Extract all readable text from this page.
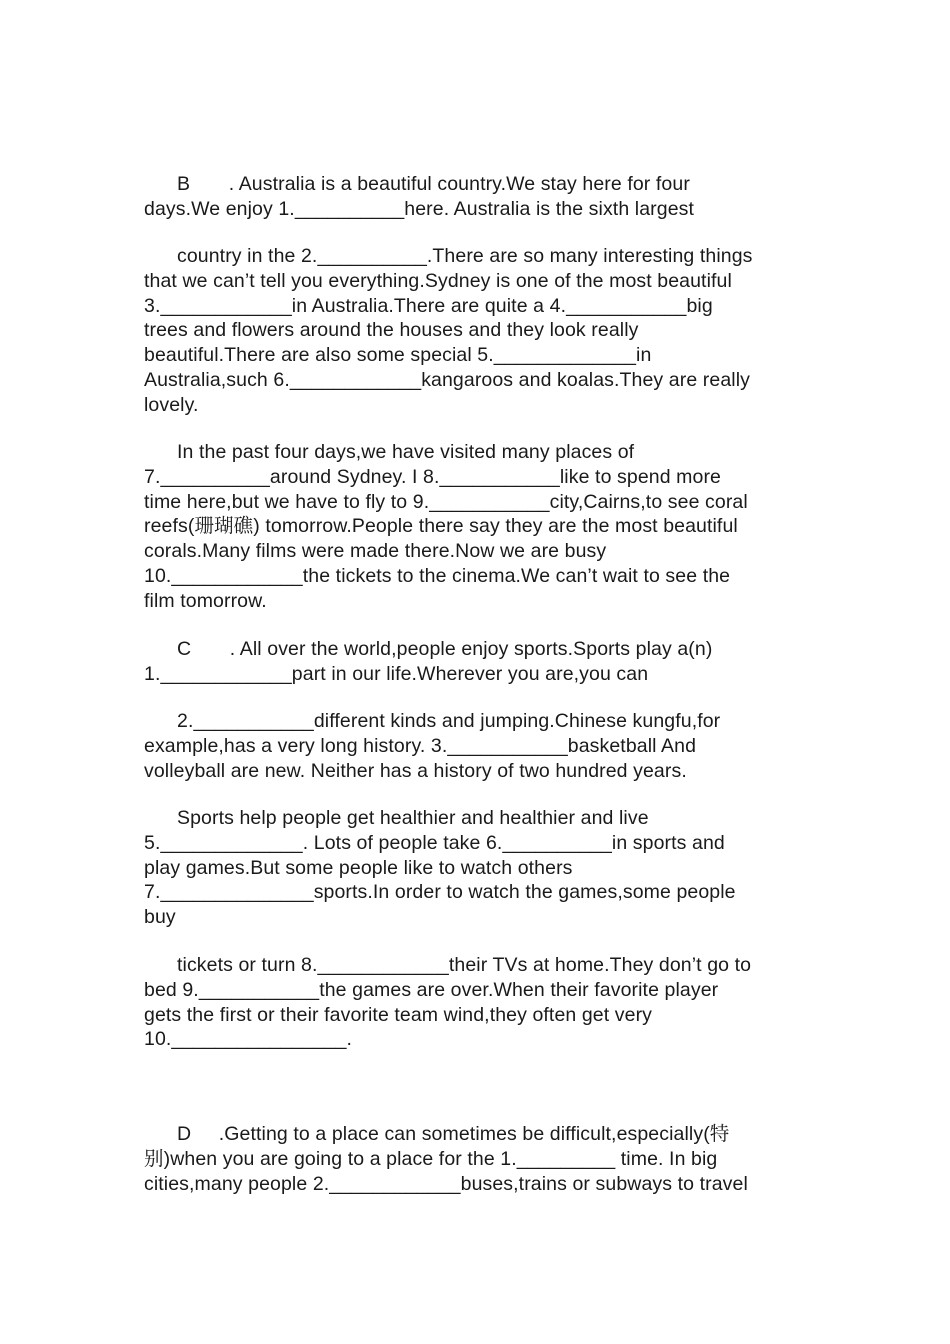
B       . Australia is a beautiful country.We stay here for four
days.We enjoy 1.__________here. Australia is the sixth largest
country in the 2.__________.There are so many interesting things
that we can’t tell you everything.Sydney is one of the most beautiful
3.____________in Australia.There are quite a 4.___________big
trees and flowers around the houses and they look really
beautiful.There are also some special 5._____________in
Australia,such 6.____________kangaroos and koalas.They are really
lovely.
In the past four days,we have visited many places of
7.__________around Sydney. I 8.___________like to spend more
time here,but we have to fly to 9.___________city,Cairns,to see coral
reefs(珊瑚礁) tomorrow.People there say they are the most beautiful
corals.Many films were made there.Now we are busy
10.____________the tickets to the cinema.We can’t wait to see the
film tomorrow.
C       . All over the world,people enjoy sports.Sports play a(n)
1.____________part in our life.Wherever you are,you can
2.___________different kinds and jumping.Chinese kungfu,for
example,has a very long history. 3.___________basketball And
volleyball are new. Neither has a history of two hundred years.
Sports help people get healthier and healthier and live
5._____________. Lots of people take 6.__________in sports and
play games.But some people like to watch others
7.______________sports.In order to watch the games,some people
buy
tickets or turn 8.____________their TVs at home.They don’t go to
bed 9.___________the games are over.When their favorite player
gets the first or their favorite team wind,they often get very
10.________________.
D     .Getting to a place can sometimes be difficult,especially(特
别)when you are going to a place for the 1._________ time. In big
cities,many people 2.____________buses,trains or subways to travel
